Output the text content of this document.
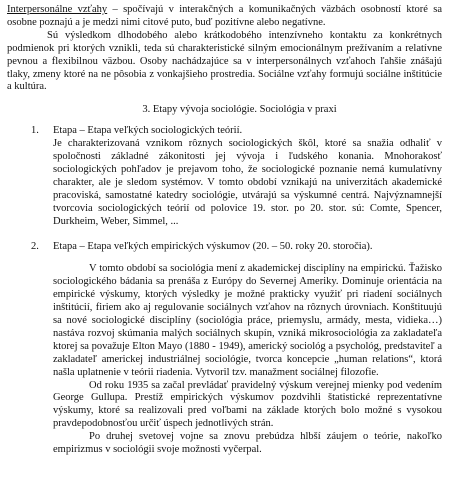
Interpersonálne vzťahy – spočívajú v interakčných a komunikačných väzbách osobností ktoré sa osobne poznajú a je medzi nimi citové puto, buď pozitívne alebo negatívne.

Sú výsledkom dlhodobého alebo krátkodobého intenzívneho kontaktu za konkrétnych podmienok pri ktorých vznikli, teda sú charakteristické silným emocionálnym prežívaním a relatívne pevnou a flexibilnou väzbou. Osoby nachádzajúce sa v interpersonálnych vzťahoch ľahšie znášajú tlaky, zmeny ktoré na ne pôsobia z vonkajšieho prostredia. Sociálne vzťahy formujú sociálne inštitúcie a kultúra.

3. Etapy vývoja sociológie. Sociológia v praxi

1. Etapa – Etapa veľkých sociologických teórií.
Je charakterizovaná vznikom rôznych sociologických škôl, ktoré sa snažia odhaliť v spoločnosti základné zákonitosti jej vývoja i ľudského konania. Mnohorakosť sociologických pohľadov je prejavom toho, že sociologické poznanie nemá kumulatívny charakter, ale je sledom systémov. V tomto období vznikajú na univerzitách akademické pracoviská, samostatné katedry sociológie, utvárajú sa výskumné centrá. Najvýznamnejší tvorcovia sociologických teórií od polovice 19. stor. po 20. stor. sú: Comte, Spencer, Durkheim, Weber, Simmel, ...
2. Etapa – Etapa veľkých empirických výskumov (20. – 50. roky 20. storočia).

V tomto období sa sociológia mení z akademickej disciplíny na empirickú. Ťažisko sociologického bádania sa prenáša z Európy do Severnej Ameriky. Dominuje orientácia na empirické výskumy, ktorých výsledky je možné prakticky využiť pri riadení sociálnych inštitúcií, firiem ako aj regulovanie sociálnych vzťahov na rôznych úrovniach. Konštituujú sa nové sociologické disciplíny (sociológia práce, priemyslu, armády, mesta, vidieka…) nastáva rozvoj skúmania malých sociálnych skupín, vzniká mikrosociológia za zakladateľa ktorej sa považuje Elton Mayo (1880 - 1949), americký sociológ a psychológ, predstaviteľ a zakladateľ americkej industriálnej sociológie, tvorca koncepcie „human relations“, ktorá našla uplatnenie v teórii riadenia. Vytvoril tzv. manažment sociálnej filozofie.

Od roku 1935 sa začal prevládať pravidelný výskum verejnej mienky pod vedením George Gullupa. Prestíž empirických výskumov pozdvihli štatistické reprezentatívne výskumy, ktoré sa realizovali pred voľbami na základe ktorých bolo možné s vysokou pravdepodobnosťou určiť úspech jednotlivých strán.

Po druhej svetovej vojne sa znovu prebúdza hlbší záujem o teórie, nakoľko empirizmus v sociológii svoje možnosti vyčerpal.
